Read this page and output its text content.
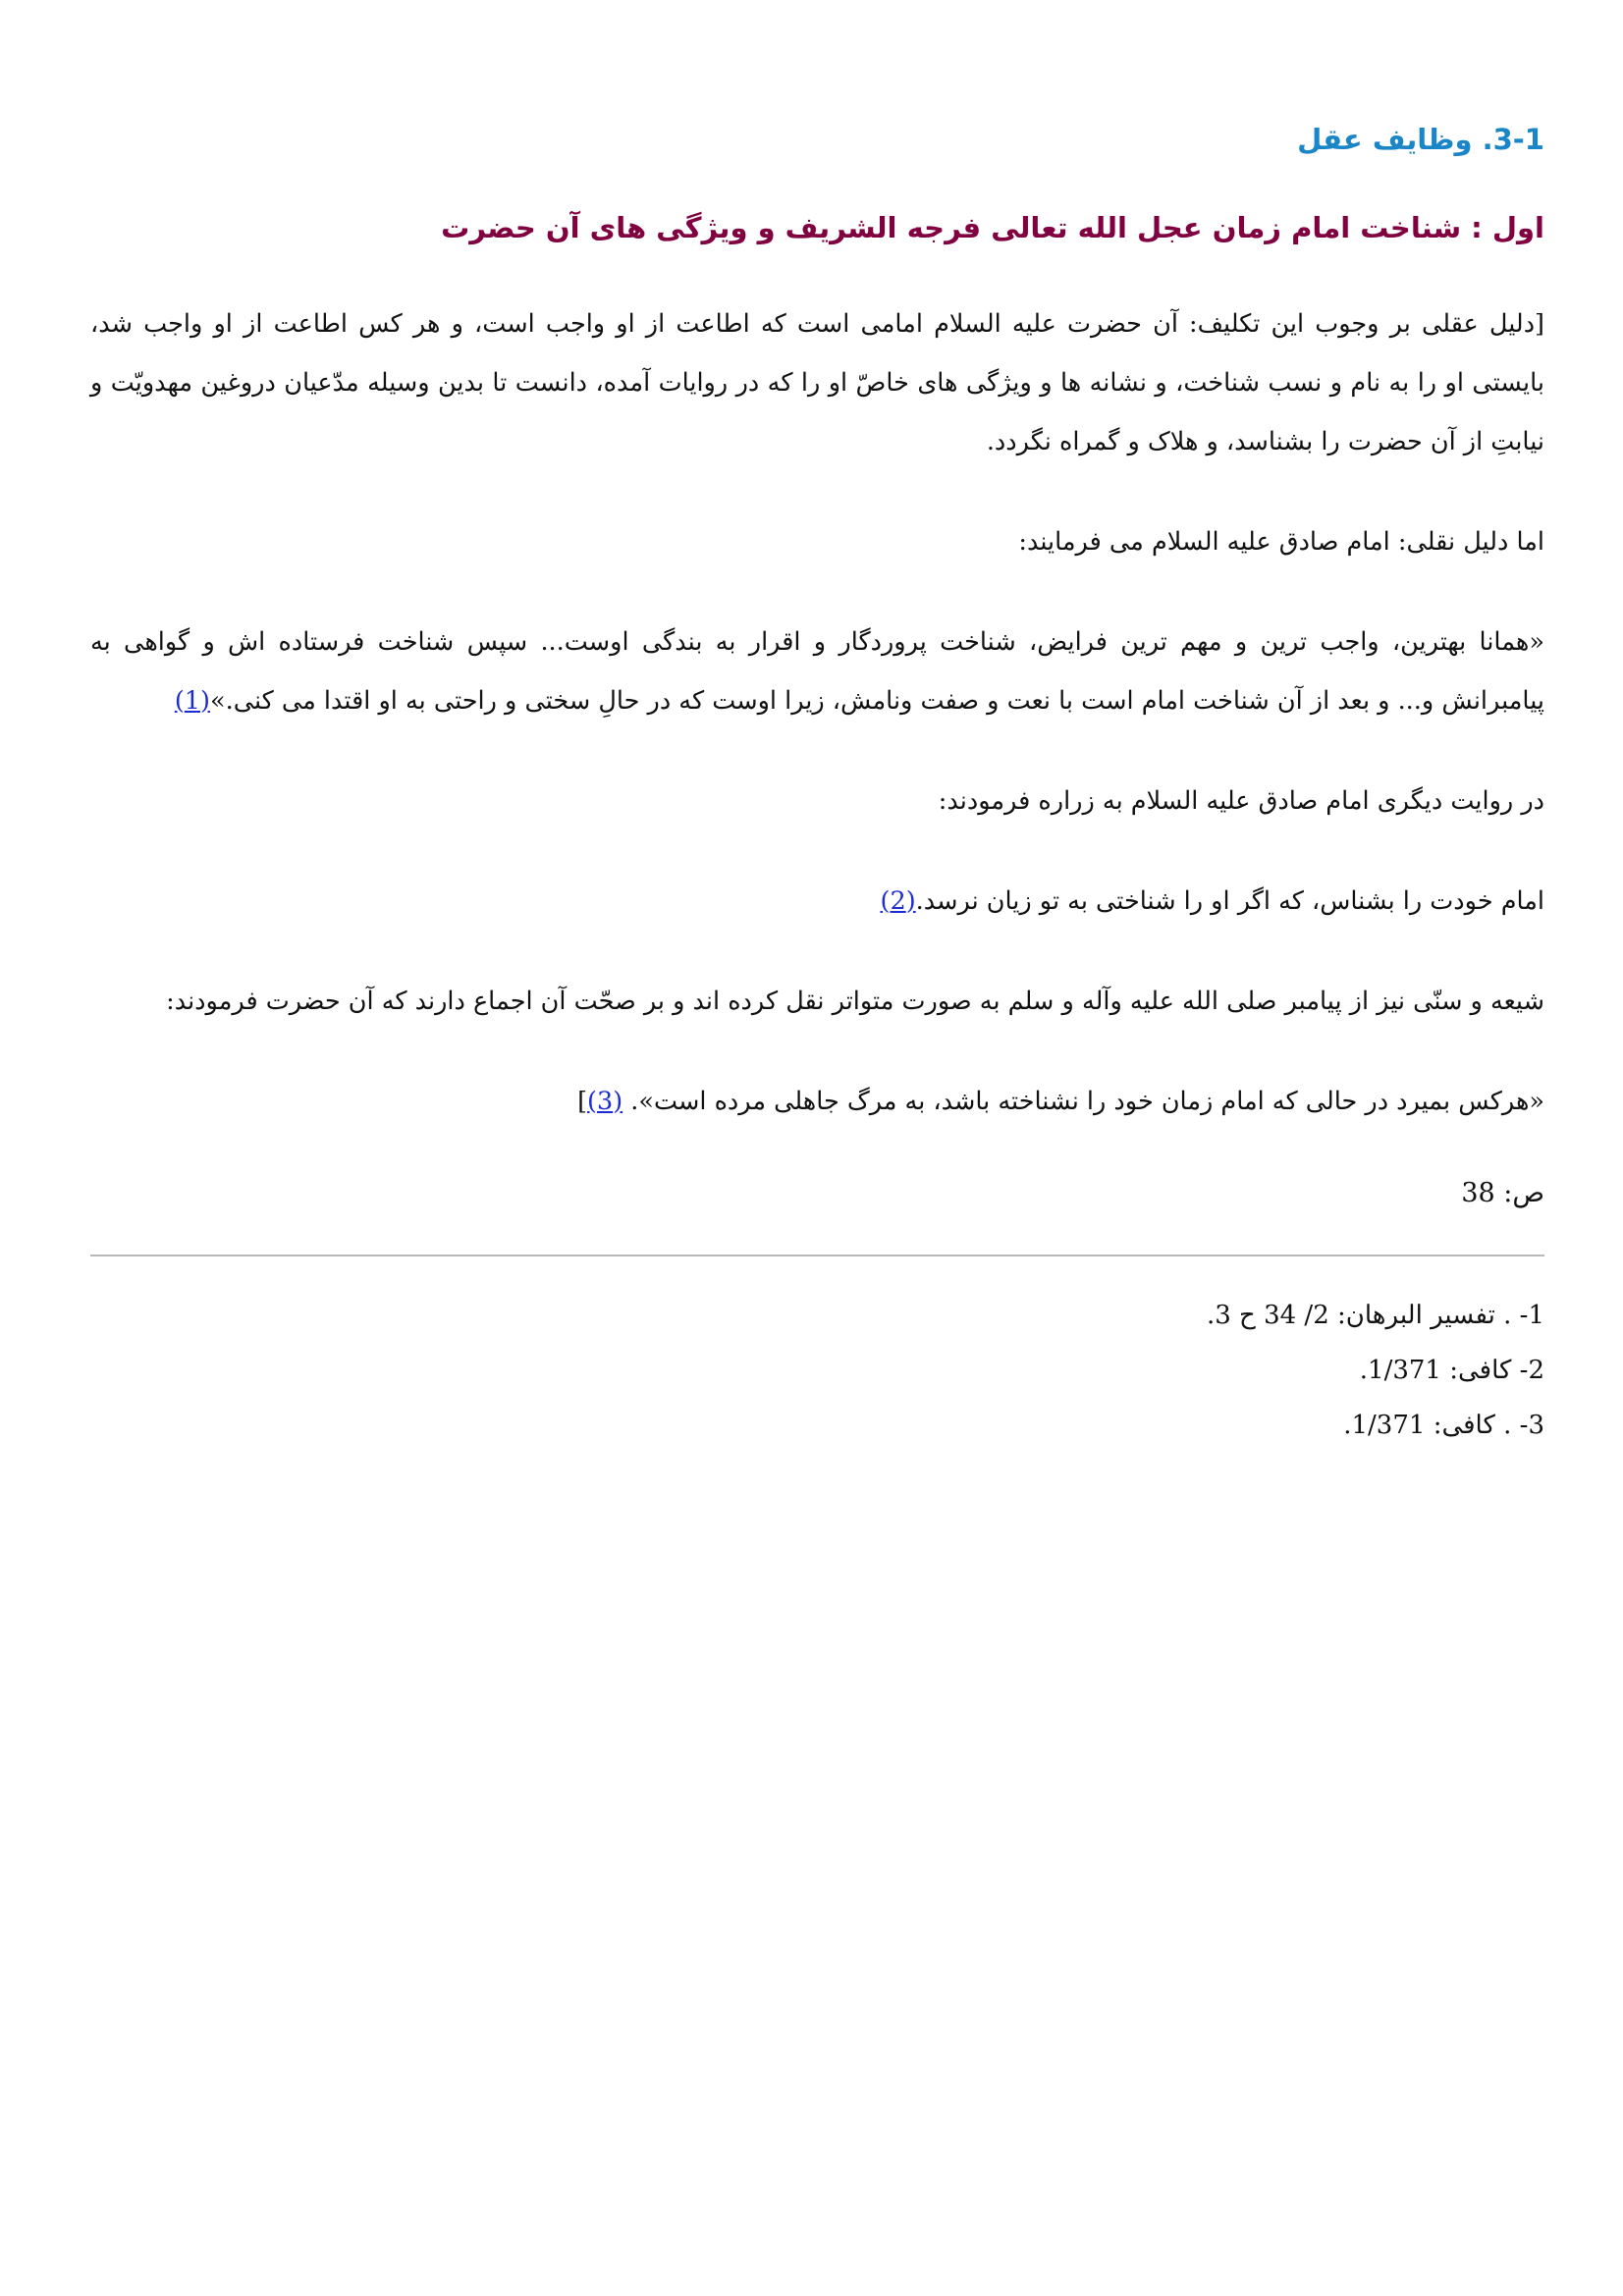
3-1. وظایف عقل
اول : شناخت امام زمان عجل الله تعالی فرجه الشریف و ویژگی های آن حضرت

[دلیل عقلی بر وجوب این تکلیف: آن حضرت علیه السلام امامی است که اطاعت از او واجب است، و هر کس اطاعت از او واجب شد، بایستی او را به نام و نسب شناخت، و نشانه ها و ویژگی های خاصّ او را که در روایات آمده، دانست تا بدین وسیله مدّعیان دروغین مهدویّت و نیابتِ از آن حضرت را بشناسد، و هلاک و گمراه نگردد.

اما دلیل نقلی: امام صادق علیه السلام می فرمایند:

«همانا بهترین، واجب ترین و مهم ترین فرایض، شناخت پروردگار و اقرار به بندگی اوست... سپس شناخت فرستاده اش و گواهی به پیامبرانش و... و بعد از آن شناخت امام است با نعت و صفت ونامش، زیرا اوست که در حالِ سختی و راحتی به او اقتدا می کنی.»(1)

در روایت دیگری امام صادق علیه السلام به زراره فرمودند:

امام خودت را بشناس، که اگر او را شناختی به تو زیان نرسد.(2)

شیعه و سنّی نیز از پیامبر صلی الله علیه وآله و سلم به صورت متواتر نقل کرده اند و بر صحّت آن اجماع دارند که آن حضرت فرمودند:

«هرکس بمیرد در حالی که امام زمان خود را نشناخته باشد، به مرگ جاهلی مرده است». (3)]

ص: 38
1- . تفسیر البرهان: 2/ 34 ح 3.
2- کافی: 1/371.
3- . کافی: 1/371.
